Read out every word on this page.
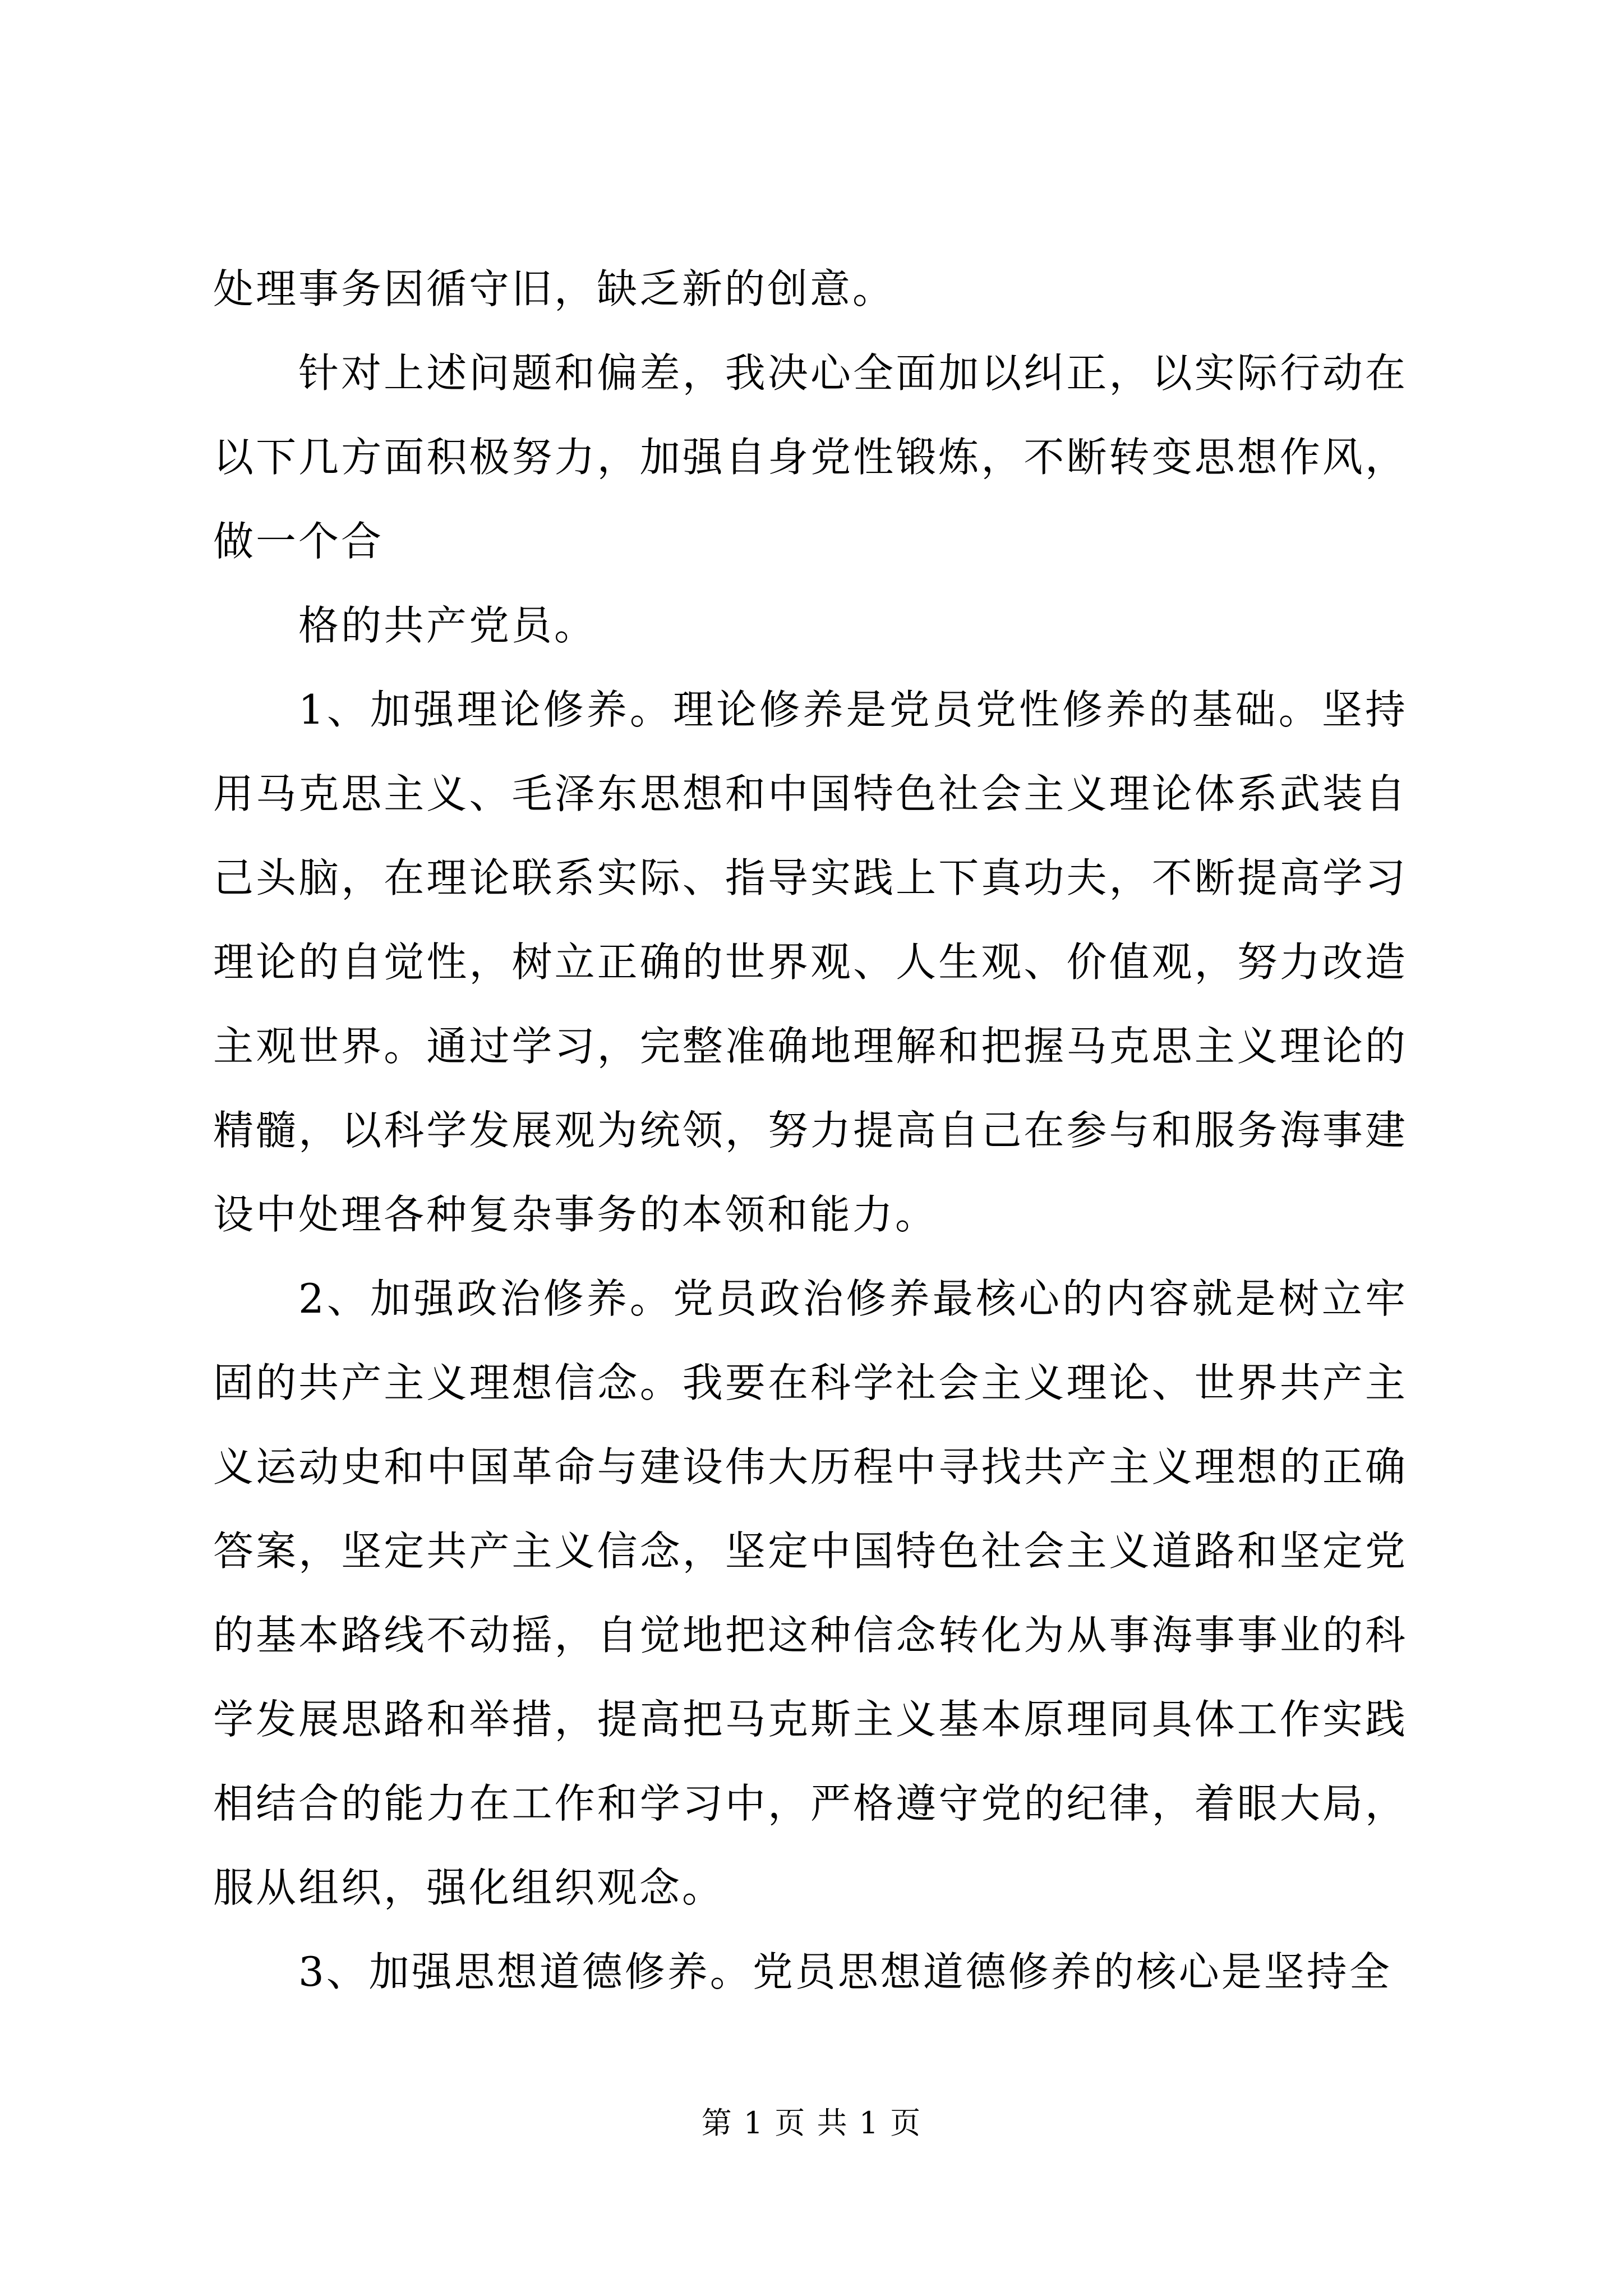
处理事务因循守旧，缺乏新的创意。

针对上述问题和偏差，我决心全面加以纠正，以实际行动在以下几方面积极努力，加强自身党性锻炼，不断转变思想作风，做一个合

格的共产党员。

1、加强理论修养。理论修养是党员党性修养的基础。坚持用马克思主义、毛泽东思想和中国特色社会主义理论体系武装自己头脑，在理论联系实际、指导实践上下真功夫，不断提高学习理论的自觉性，树立正确的世界观、人生观、价值观，努力改造主观世界。通过学习，完整准确地理解和把握马克思主义理论的精髓，以科学发展观为统领，努力提高自己在参与和服务海事建设中处理各种复杂事务的本领和能力。

2、加强政治修养。党员政治修养最核心的内容就是树立牢固的共产主义理想信念。我要在科学社会主义理论、世界共产主义运动史和中国革命与建设伟大历程中寻找共产主义理想的正确答案，坚定共产主义信念，坚定中国特色社会主义道路和坚定党的基本路线不动摇，自觉地把这种信念转化为从事海事事业的科学发展思路和举措，提高把马克斯主义基本原理同具体工作实践相结合的能力在工作和学习中，严格遵守党的纪律，着眼大局，服从组织，强化组织观念。

3、加强思想道德修养。党员思想道德修养的核心是坚持全

第 1 页 共 1 页
